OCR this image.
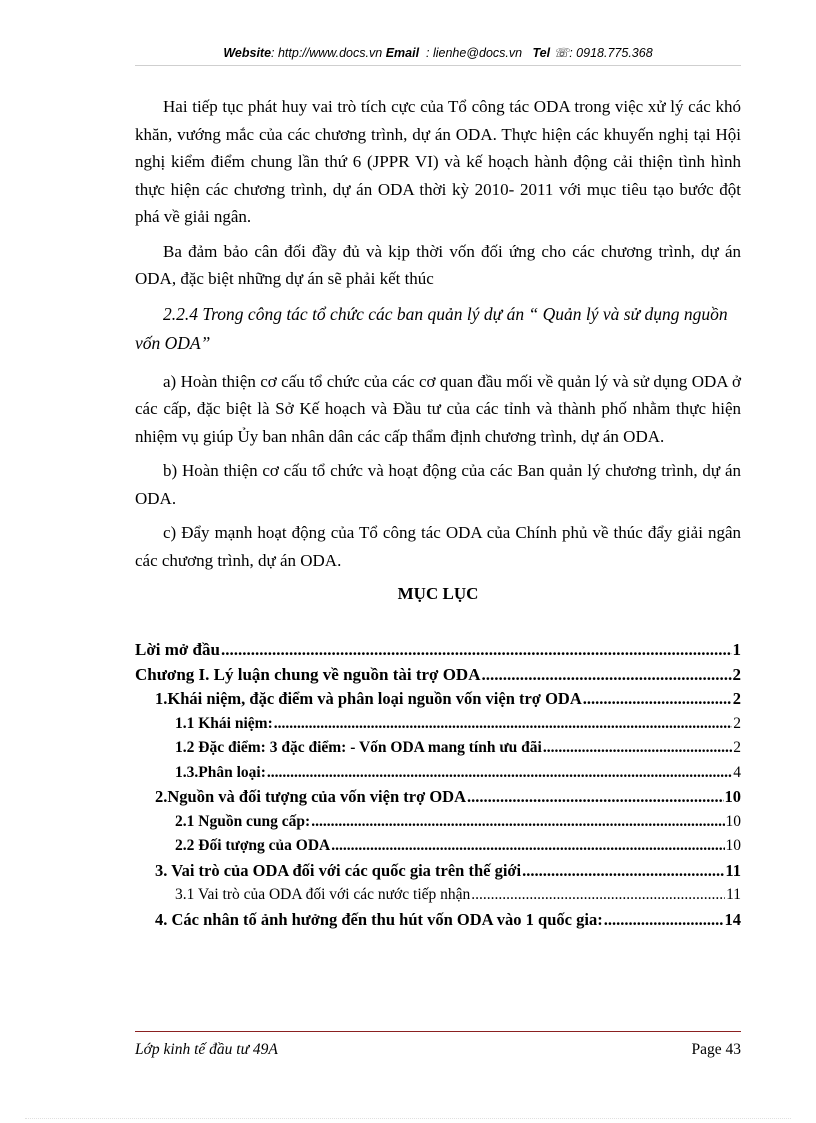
Website: http://www.docs.vn Email : lienhe@docs.vn Tel ☏: 0918.775.368

Hai tiếp tục phát huy vai trò tích cực của Tổ công tác ODA trong việc xử lý các khó khăn, vướng mắc của các chương trình, dự án ODA. Thực hiện các khuyến nghị tại Hội nghị kiểm điểm chung lần thứ 6 (JPPR VI) và kế hoạch hành động cải thiện tình hình thực hiện các chương trình, dự án ODA thời kỳ 2010- 2011 với mục tiêu tạo bước đột phá về giải ngân.

Ba đảm bảo cân đối đầy đủ và kịp thời vốn đối ứng cho các chương trình, dự án ODA, đặc biệt những dự án sẽ phải kết thúc

2.2.4 Trong công tác tổ chức các ban quản lý dự án “ Quản lý và sử dụng nguồn vốn ODA”

a) Hoàn thiện cơ cấu tổ chức của các cơ quan đầu mối về quản lý và sử dụng ODA ở các cấp, đặc biệt là Sở Kế hoạch và Đầu tư của các tỉnh và thành phố nhằm thực hiện nhiệm vụ giúp Ủy ban nhân dân các cấp thẩm định chương trình, dự án ODA.

b) Hoàn thiện cơ cấu tổ chức và hoạt động của các Ban quản lý chương trình, dự án ODA.

c) Đẩy mạnh hoạt động của Tổ công tác ODA của Chính phủ về thúc đẩy giải ngân các chương trình, dự án ODA.

MỤC LỤC
Lời mở đầu .....	1
Chương I. Lý luận chung về nguồn tài trợ ODA .....	2
1.Khái niệm, đặc điểm và phân loại nguồn vốn viện trợ ODA .....	2
1.1 Khái niệm: .....	2
1.2 Đặc điểm: 3 đặc điểm: - Vốn ODA mang tính ưu đãi .....	2
1.3.Phân loại: .....	4
2.Nguồn và đối tượng của vốn viện trợ ODA .....	10
2.1 Nguồn cung cấp: .....	10
2.2 Đối tượng của ODA .....	10
3. Vai trò của ODA đối với các quốc gia trên thế giới .....	11
3.1 Vai trò của ODA đối với các nước tiếp nhận .....	11
4. Các nhân tố ảnh hưởng đến thu hút vốn ODA vào 1 quốc gia: .....	14
Lớp kinh tế đầu tư 49A	Page 43
